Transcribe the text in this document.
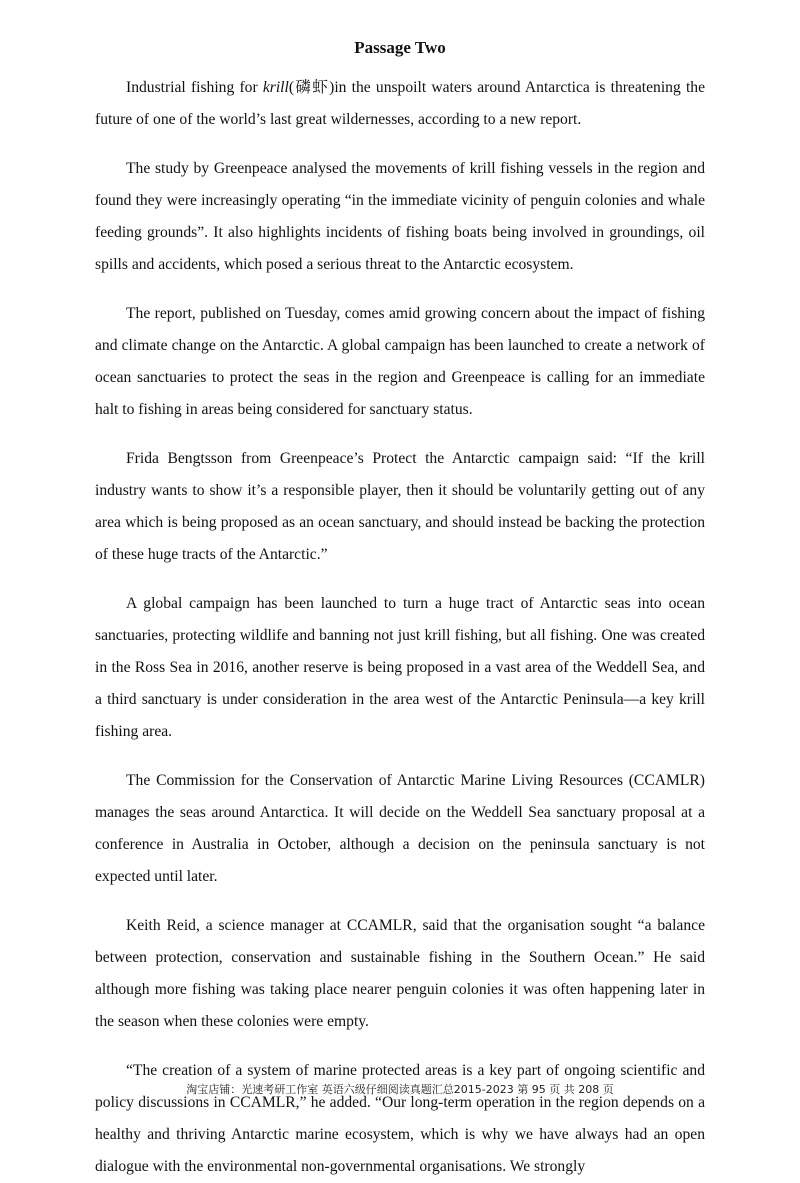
Passage Two

Industrial fishing for krill(磷虾)in the unspoilt waters around Antarctica is threatening the future of one of the world’s last great wildernesses, according to a new report.

The study by Greenpeace analysed the movements of krill fishing vessels in the region and found they were increasingly operating “in the immediate vicinity of penguin colonies and whale feeding grounds”. It also highlights incidents of fishing boats being involved in groundings, oil spills and accidents, which posed a serious threat to the Antarctic ecosystem.

The report, published on Tuesday, comes amid growing concern about the impact of fishing and climate change on the Antarctic. A global campaign has been launched to create a network of ocean sanctuaries to protect the seas in the region and Greenpeace is calling for an immediate halt to fishing in areas being considered for sanctuary status.

Frida Bengtsson from Greenpeace’s Protect the Antarctic campaign said: “If the krill industry wants to show it’s a responsible player, then it should be voluntarily getting out of any area which is being proposed as an ocean sanctuary, and should instead be backing the protection of these huge tracts of the Antarctic.”

A global campaign has been launched to turn a huge tract of Antarctic seas into ocean sanctuaries, protecting wildlife and banning not just krill fishing, but all fishing. One was created in the Ross Sea in 2016, another reserve is being proposed in a vast area of the Weddell Sea, and a third sanctuary is under consideration in the area west of the Antarctic Peninsula—a key krill fishing area.

The Commission for the Conservation of Antarctic Marine Living Resources (CCAMLR) manages the seas around Antarctica. It will decide on the Weddell Sea sanctuary proposal at a conference in Australia in October, although a decision on the peninsula sanctuary is not expected until later.

Keith Reid, a science manager at CCAMLR, said that the organisation sought “a balance between protection, conservation and sustainable fishing in the Southern Ocean.” He said although more fishing was taking place nearer penguin colonies it was often happening later in the season when these colonies were empty.

“The creation of a system of marine protected areas is a key part of ongoing scientific and policy discussions in CCAMLR,” he added. “Our long-term operation in the region depends on a healthy and thriving Antarctic marine ecosystem, which is why we have always had an open dialogue with the environmental non-governmental organisations. We strongly

淘宝店铺：光速考研工作室 英语六级仔细阅读真题汇总2015-2023 第 95 页 共 208 页
